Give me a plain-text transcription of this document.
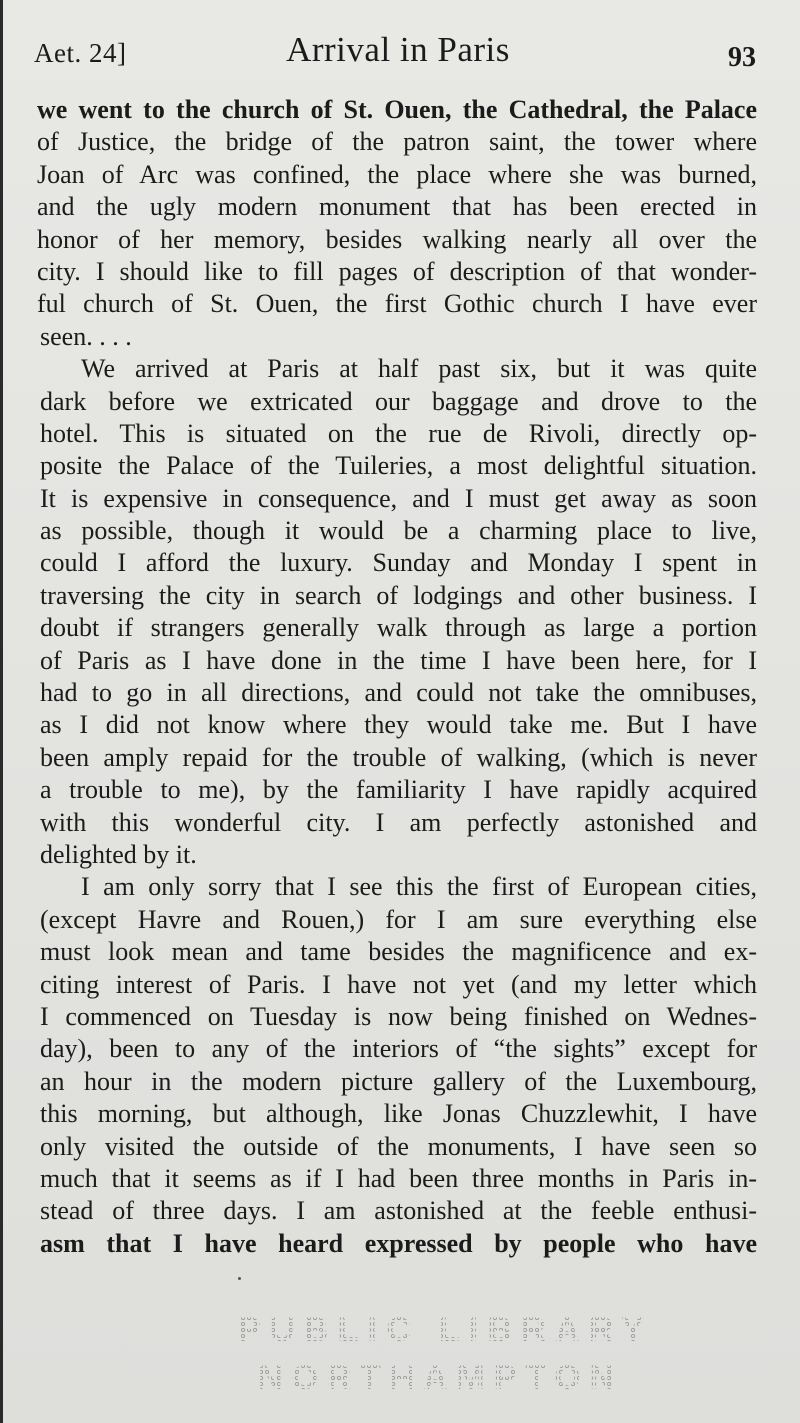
Aet. 24]	Arrival in Paris	93
we went to the church of St. Ouen, the Cathedral, the Palace
of Justice, the bridge of the patron saint, the tower where
Joan of Arc was confined, the place where she was burned,
and the ugly modern monument that has been erected in
honor of her memory, besides walking nearly all over the
city. I should like to fill pages of description of that wonder-
ful church of St. Ouen, the first Gothic church I have ever
seen. . . .
We arrived at Paris at half past six, but it was quite
dark before we extricated our baggage and drove to the
hotel. This is situated on the rue de Rivoli, directly op-
posite the Palace of the Tuileries, a most delightful situation.
It is expensive in consequence, and I must get away as soon
as possible, though it would be a charming place to live,
could I afford the luxury. Sunday and Monday I spent in
traversing the city in search of lodgings and other business. I
doubt if strangers generally walk through as large a portion
of Paris as I have done in the time I have been here, for I
had to go in all directions, and could not take the omnibuses,
as I did not know where they would take me. But I have
been amply repaid for the trouble of walking, (which is never
a trouble to me), by the familiarity I have rapidly acquired
with this wonderful city. I am perfectly astonished and
delighted by it.
I am only sorry that I see this the first of European cities,
(except Havre and Rouen,) for I am sure everything else
must look mean and tame besides the magnificence and ex-
citing interest of Paris. I have not yet (and my letter which
I commenced on Tuesday is now being finished on Wednes-
day), been to any of the interiors of “the sights” except for
an hour in the modern picture gallery of the Luxembourg,
this morning, but although, like Jonas Chuzzlewhit, I have
only visited the outside of the monuments, I have seen so
much that it seems as if I had been three months in Paris in-
stead of three days. I am astonished at the feeble enthusi-
asm that I have heard expressed by people who have
PUBLIC LIBRARY
NORTHAMPTON
